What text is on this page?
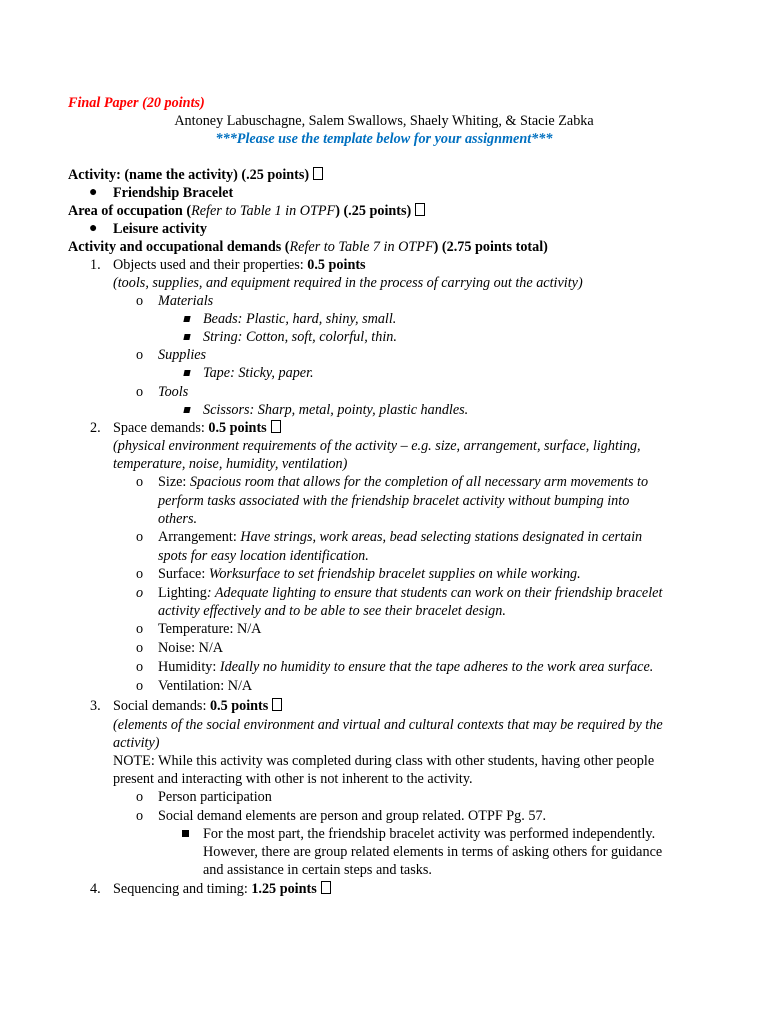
Final Paper (20 points)
Antoney Labuschagne, Salem Swallows, Shaely Whiting, & Stacie Zabka
***Please use the template below for your assignment***
Activity: (name the activity) (.25 points)
● Friendship Bracelet
Area of occupation (Refer to Table 1 in OTPF) (.25 points)
● Leisure activity
Activity and occupational demands (Refer to Table 7 in OTPF) (2.75 points total)
1. Objects used and their properties: 0.5 points
(tools, supplies, and equipment required in the process of carrying out the activity)
o Materials
Beads: Plastic, hard, shiny, small.
String: Cotton, soft, colorful, thin.
o Supplies
Tape: Sticky, paper.
o Tools
Scissors: Sharp, metal, pointy, plastic handles.
2. Space demands: 0.5 points
(physical environment requirements of the activity – e.g. size, arrangement, surface, lighting,
temperature, noise, humidity, ventilation)
o Size: Spacious room that allows for the completion of all necessary arm movements to
perform tasks associated with the friendship bracelet activity without bumping into
others.
o Arrangement: Have strings, work areas, bead selecting stations designated in certain
spots for easy location identification.
o Surface: Worksurface to set friendship bracelet supplies on while working.
o Lighting: Adequate lighting to ensure that students can work on their friendship bracelet
activity effectively and to be able to see their bracelet design.
o Temperature: N/A
o Noise: N/A
o Humidity: Ideally no humidity to ensure that the tape adheres to the work area surface.
o Ventilation: N/A
3. Social demands: 0.5 points
(elements of the social environment and virtual and cultural contexts that may be required by the
activity)
NOTE: While this activity was completed during class with other students, having other people
present and interacting with other is not inherent to the activity.
o Person participation
o Social demand elements are person and group related. OTPF Pg. 57.
For the most part, the friendship bracelet activity was performed independently.
However, there are group related elements in terms of asking others for guidance
and assistance in certain steps and tasks.
4. Sequencing and timing: 1.25 points
